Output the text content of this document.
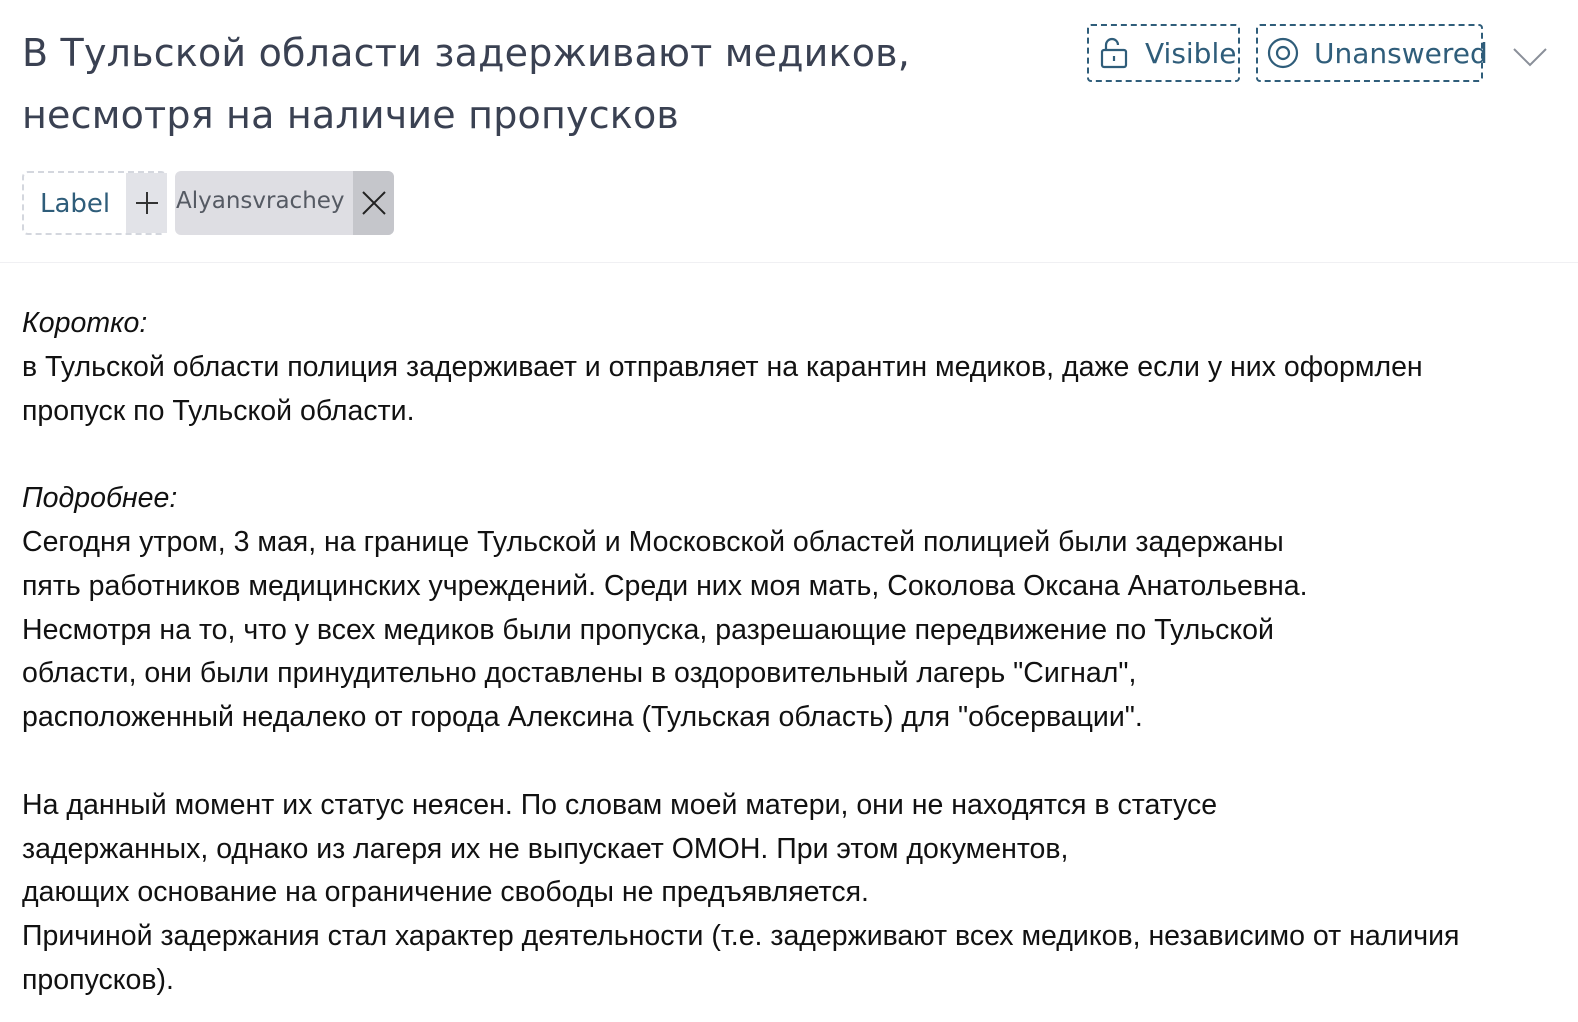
В Тульской области задерживают медиков, несмотря на наличие пропусков
Visible	Unanswered
Label	Alyansvrachey

Коротко:

в Тульской области полиция задерживает и отправляет на карантин медиков, даже если у них оформлен пропуск по Тульской области.

Подробнее:

Сегодня утром, 3 мая, на границе Тульской и Московской областей полицией были задержаны

пять работников медицинских учреждений. Среди них моя мать, Соколова Оксана Анатольевна.

Несмотря на то, что у всех медиков были пропуска, разрешающие передвижение по Тульской

области, они были принудительно доставлены в оздоровительный лагерь "Сигнал",

расположенный недалеко от города Алексина (Тульская область) для "обсервации".

На данный момент их статус неясен. По словам моей матери, они не находятся в статусе

задержанных, однако из лагеря их не выпускает ОМОН. При этом документов,

дающих основание на ограничение свободы не предъявляется.

Причиной задержания стал характер деятельности (т.е. задерживают всех медиков, независимо от наличия пропусков).
